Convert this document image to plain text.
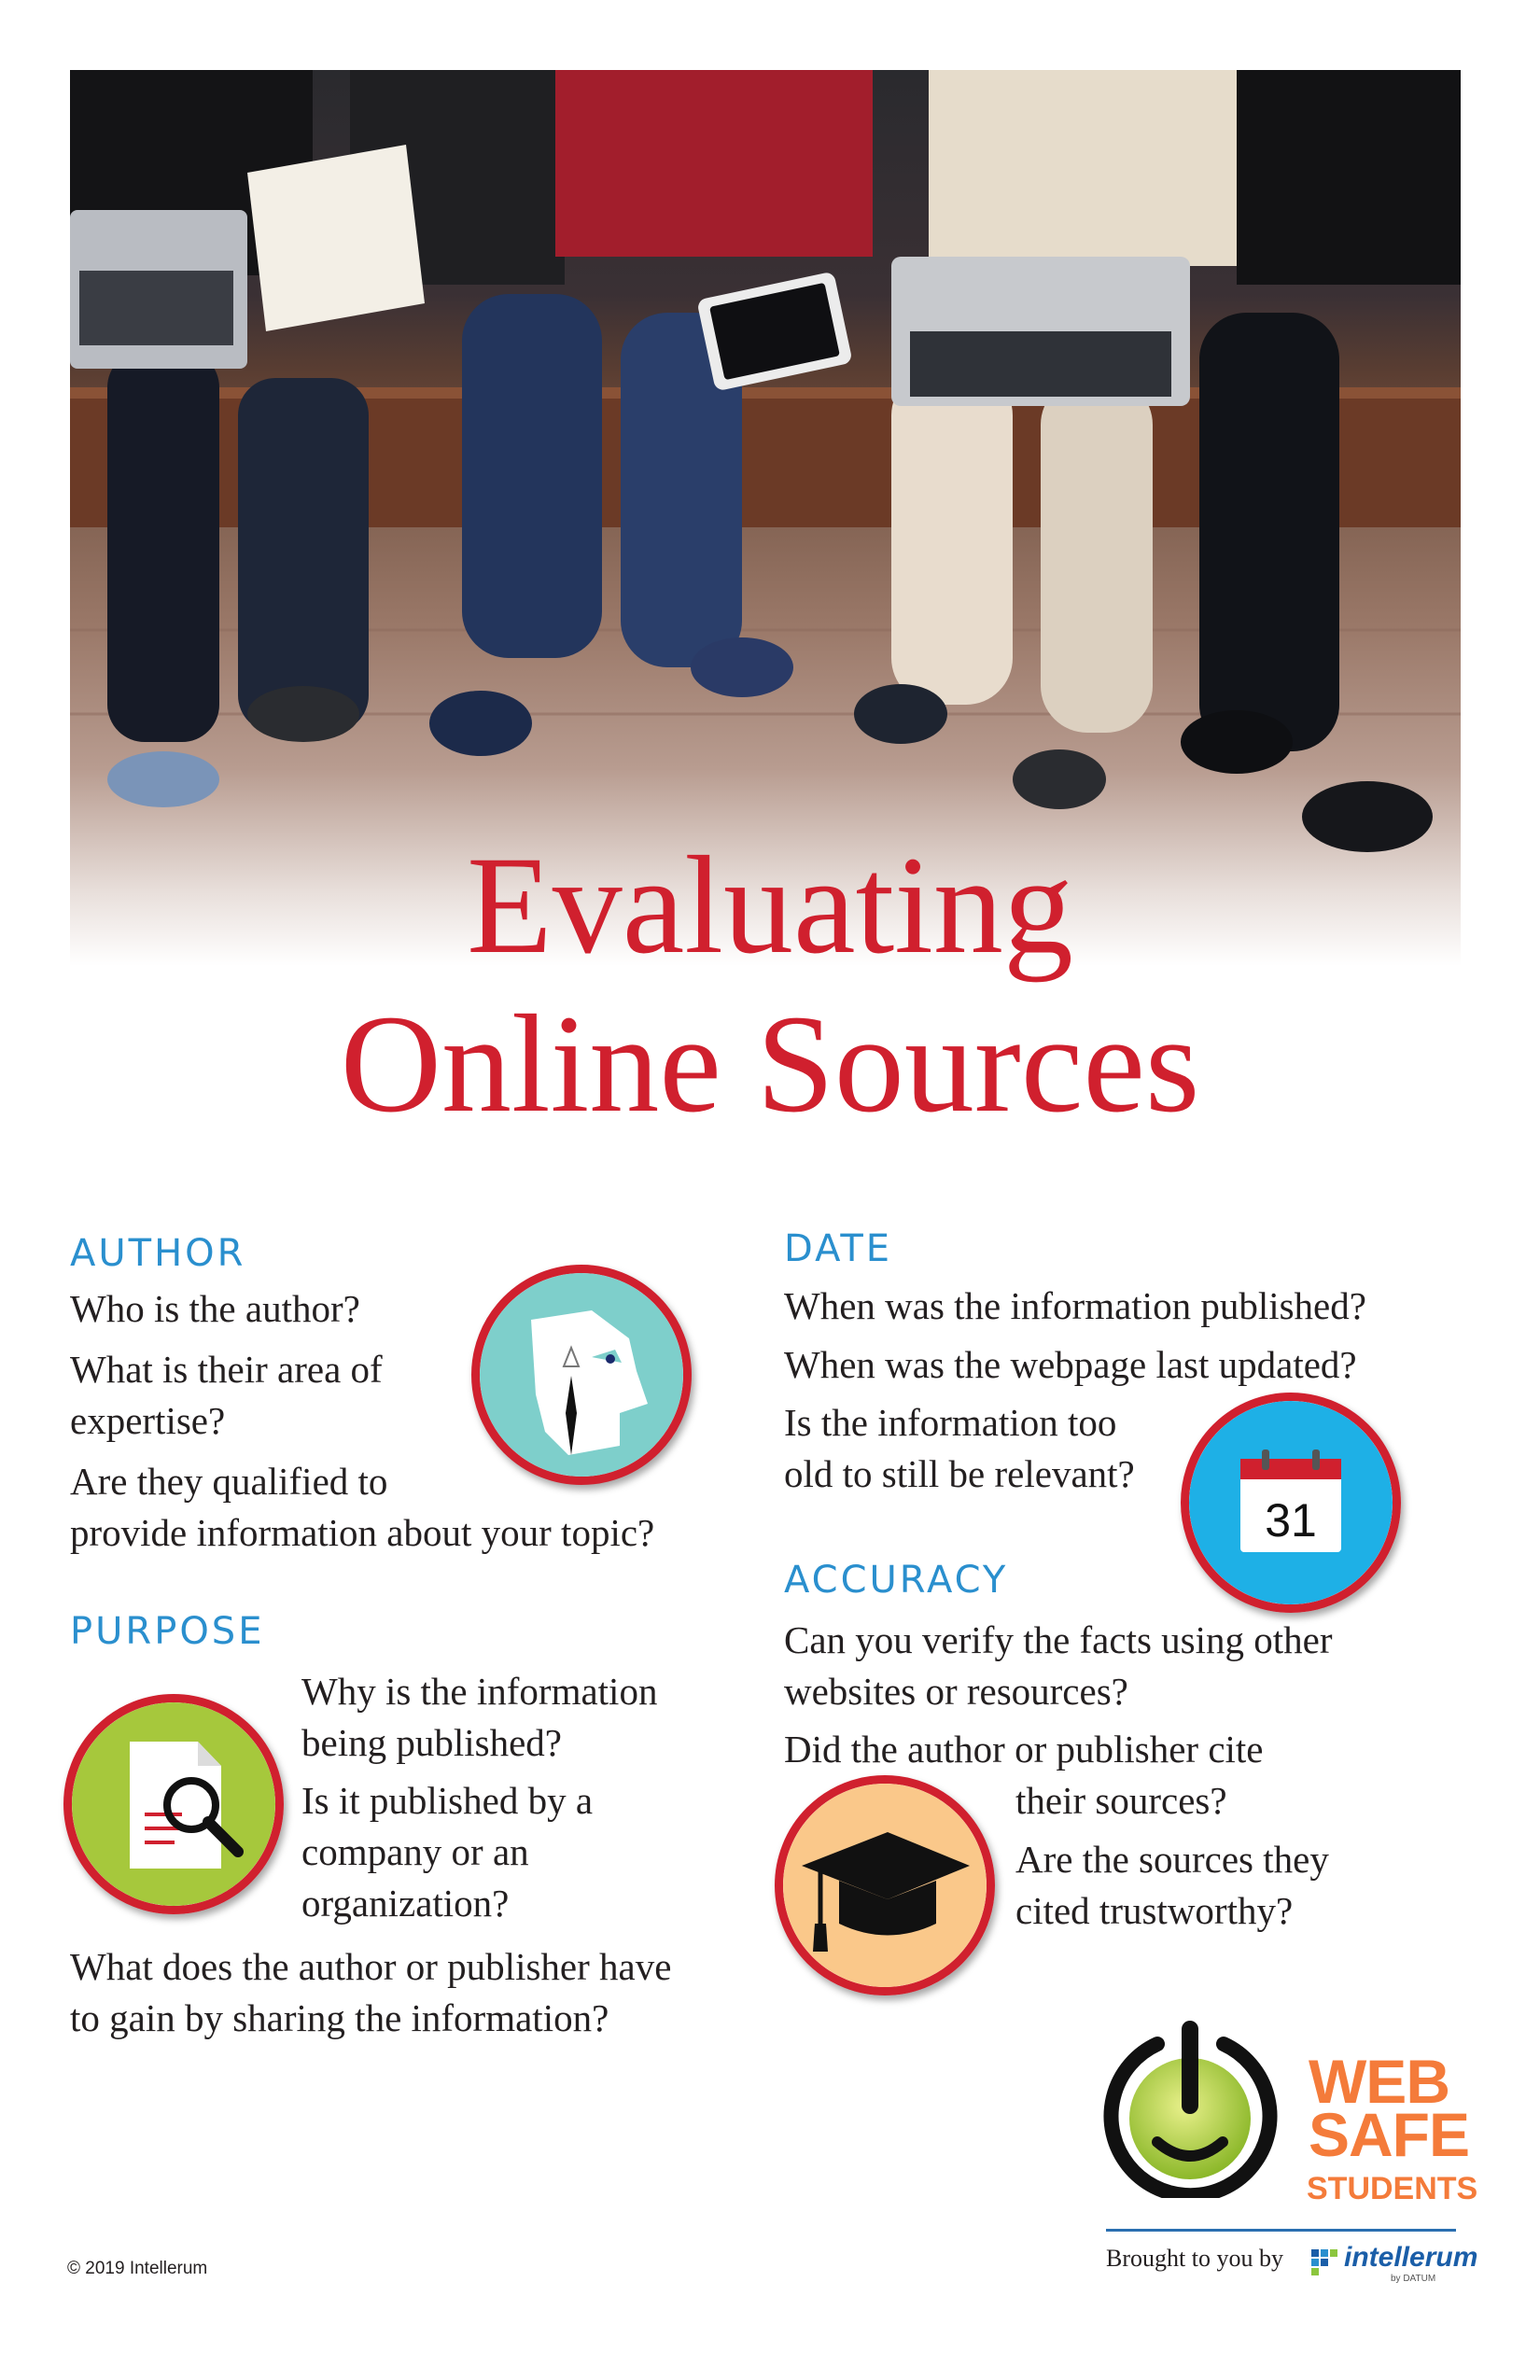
Evaluating
Online Sources
AUTHOR
Who is the author?
What is their area of
expertise?
Are they qualified to
provide information about your topic?
PURPOSE
Why is the information
being published?
Is it published by a
company or an
organization?
What does the author or publisher have
to gain by sharing the information?
DATE
When was the information published?
When was the webpage last updated?
Is the information too
old to still be relevant?
31
ACCURACY
Can you verify the facts using other
websites or resources?
Did the author or publisher cite
their sources?
Are the sources they
cited trustworthy?
WEB
SAFE
STUDENTS
Brought to you by intellerum
by DATUM
© 2019 Intellerum
